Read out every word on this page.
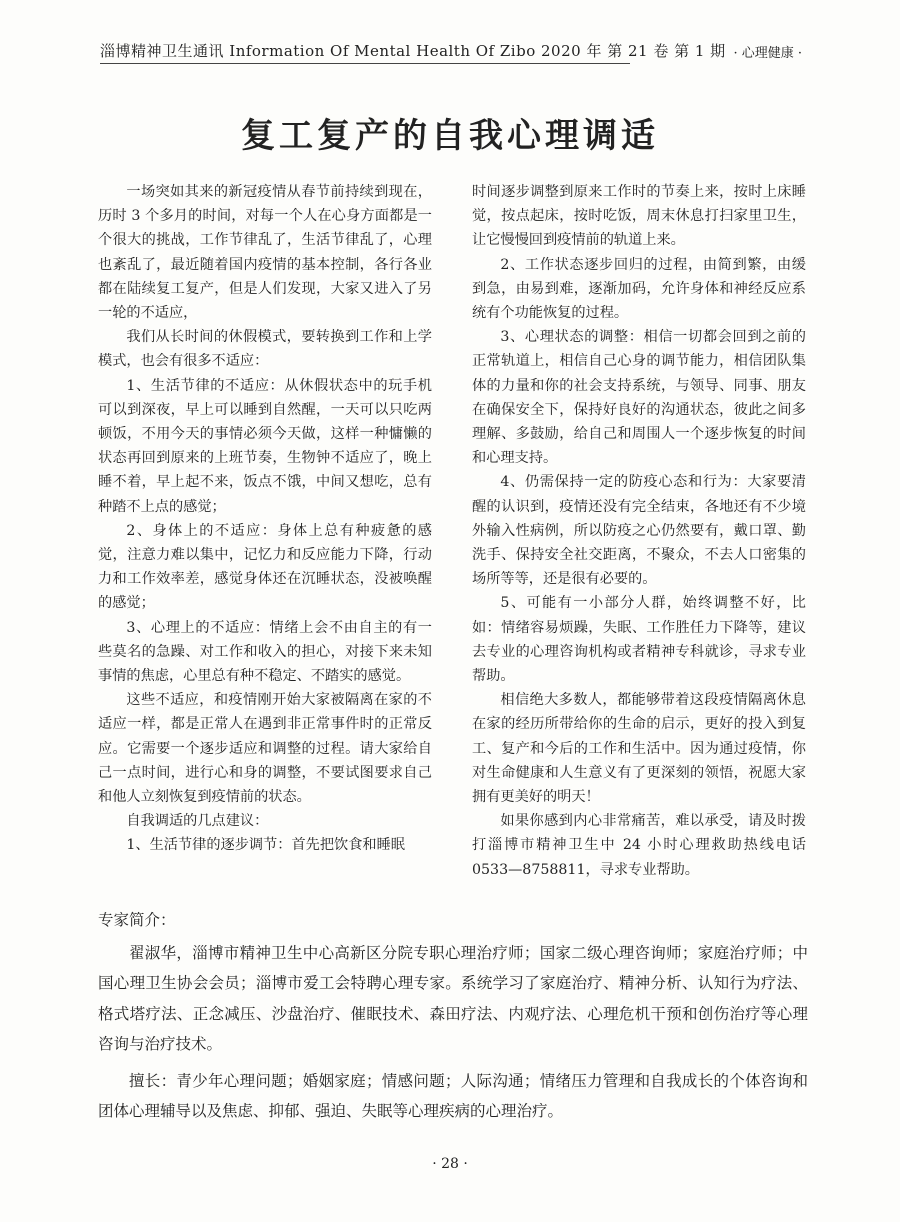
淄博精神卫生通讯 Information Of Mental Health Of Zibo 2020 年 第 21 卷 第 1 期 · 心理健康 ·
复工复产的自我心理调适

一场突如其来的新冠疫情从春节前持续到现在，历时 3 个多月的时间，对每一个人在心身方面都是一个很大的挑战，工作节律乱了，生活节律乱了，心理也紊乱了，最近随着国内疫情的基本控制，各行各业都在陆续复工复产，但是人们发现，大家又进入了另一轮的不适应，

我们从长时间的休假模式，要转换到工作和上学模式，也会有很多不适应：

1、生活节律的不适应：从休假状态中的玩手机可以到深夜，早上可以睡到自然醒，一天可以只吃两顿饭，不用今天的事情必须今天做，这样一种慵懒的状态再回到原来的上班节奏，生物钟不适应了，晚上睡不着，早上起不来，饭点不饿，中间又想吃，总有种踏不上点的感觉；

2、身体上的不适应：身体上总有种疲惫的感觉，注意力难以集中，记忆力和反应能力下降，行动力和工作效率差，感觉身体还在沉睡状态，没被唤醒的感觉；

3、心理上的不适应：情绪上会不由自主的有一些莫名的急躁、对工作和收入的担心，对接下来未知事情的焦虑，心里总有种不稳定、不踏实的感觉。

这些不适应，和疫情刚开始大家被隔离在家的不适应一样，都是正常人在遇到非正常事件时的正常反应。它需要一个逐步适应和调整的过程。请大家给自己一点时间，进行心和身的调整，不要试图要求自己和他人立刻恢复到疫情前的状态。

自我调适的几点建议：

1、生活节律的逐步调节：首先把饮食和睡眠

时间逐步调整到原来工作时的节奏上来，按时上床睡觉，按点起床，按时吃饭，周末休息打扫家里卫生，让它慢慢回到疫情前的轨道上来。

2、工作状态逐步回归的过程，由简到繁，由缓到急，由易到难，逐渐加码，允许身体和神经反应系统有个功能恢复的过程。

3、心理状态的调整：相信一切都会回到之前的正常轨道上，相信自己心身的调节能力，相信团队集体的力量和你的社会支持系统，与领导、同事、朋友在确保安全下，保持好良好的沟通状态，彼此之间多理解、多鼓励，给自己和周围人一个逐步恢复的时间和心理支持。

4、仍需保持一定的防疫心态和行为：大家要清醒的认识到，疫情还没有完全结束，各地还有不少境外输入性病例，所以防疫之心仍然要有，戴口罩、勤洗手、保持安全社交距离，不聚众，不去人口密集的场所等等，还是很有必要的。

5、可能有一小部分人群，始终调整不好，比如：情绪容易烦躁，失眠、工作胜任力下降等，建议去专业的心理咨询机构或者精神专科就诊，寻求专业帮助。

相信绝大多数人，都能够带着这段疫情隔离休息在家的经历所带给你的生命的启示，更好的投入到复工、复产和今后的工作和生活中。因为通过疫情，你对生命健康和人生意义有了更深刻的领悟，祝愿大家拥有更美好的明天！

如果你感到内心非常痛苦，难以承受，请及时拨打淄博市精神卫生中 24 小时心理救助热线电话 0533—8758811，寻求专业帮助。

专家简介：

翟淑华，淄博市精神卫生中心高新区分院专职心理治疗师；国家二级心理咨询师；家庭治疗师；中国心理卫生协会会员；淄博市爱工会特聘心理专家。系统学习了家庭治疗、精神分析、认知行为疗法、格式塔疗法、正念减压、沙盘治疗、催眠技术、森田疗法、内观疗法、心理危机干预和创伤治疗等心理咨询与治疗技术。

擅长：青少年心理问题；婚姻家庭；情感问题；人际沟通；情绪压力管理和自我成长的个体咨询和团体心理辅导以及焦虑、抑郁、强迫、失眠等心理疾病的心理治疗。

· 28 ·
